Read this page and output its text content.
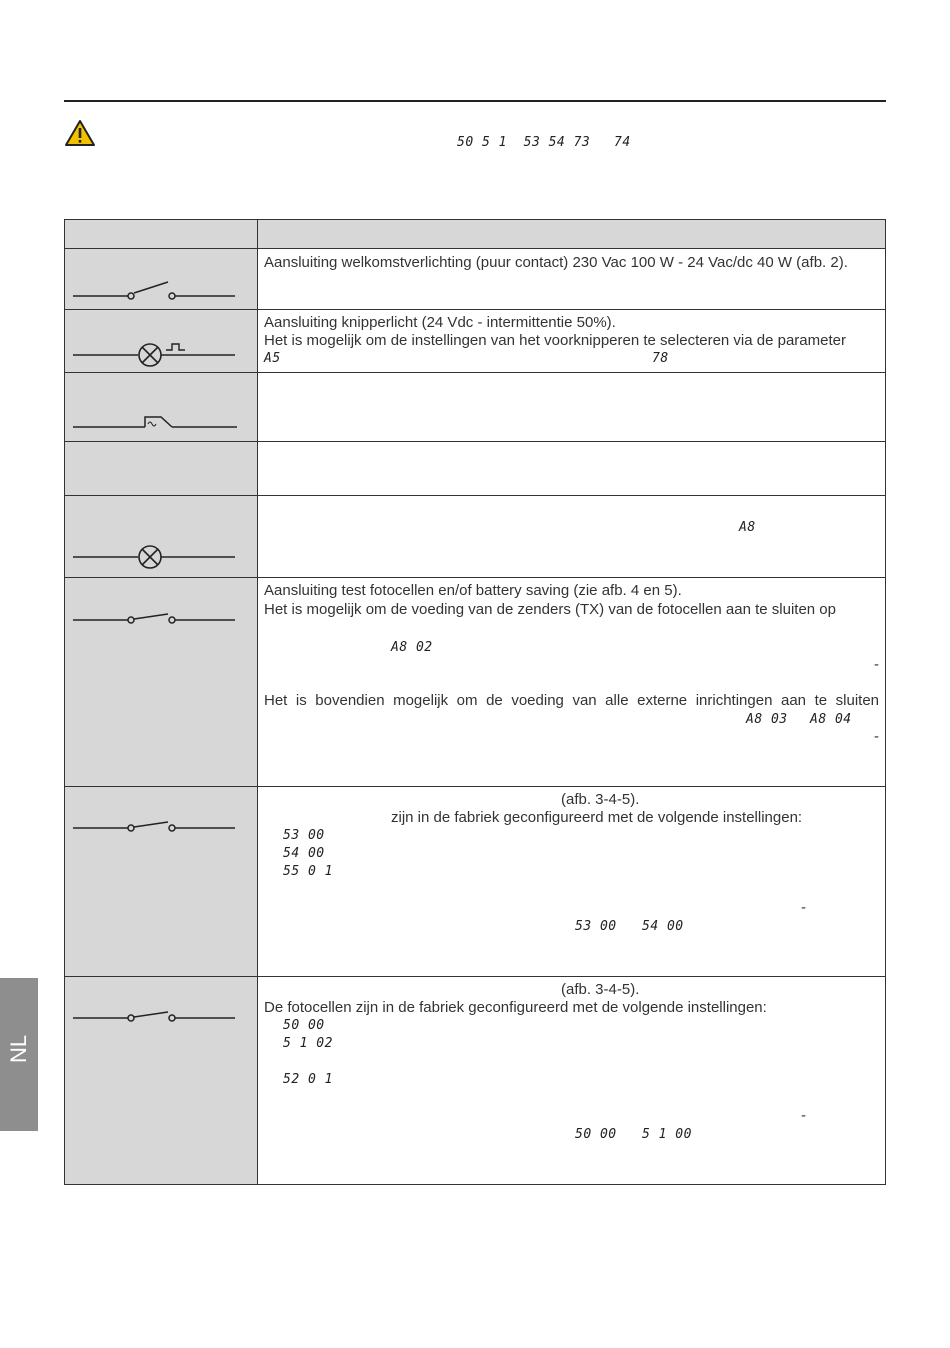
50 5 1  53 54 73 74
Aansluiting welkomstverlichting (puur contact) 230 Vac 100 W - 24 Vac/dc 40 W (afb. 2).
Aansluiting knipperlicht (24 Vdc - intermittentie 50%).
Het is mogelijk om de instellingen van het voorknipperen te selecteren via de parameter
A5	78
A8
Aansluiting test fotocellen en/of battery saving (zie afb. 4 en 5).
Het is mogelijk om de voeding van de zenders (TX) van de fotocellen aan te sluiten op
A8 02
-
Het is bovendien mogelijk om de voeding van alle externe inrichtingen aan te sluiten
A8 03 A8 04
-
(afb. 3-4-5).
zijn in de fabriek geconfigureerd met de volgende instellingen:
53 00
54 00
55 0 1
-
53 00 54 00
(afb. 3-4-5).
De fotocellen zijn in de fabriek geconfigureerd met de volgende instellingen:
50 00
5 1 02
52 0 1
-
50 00 5 1 00
NL
